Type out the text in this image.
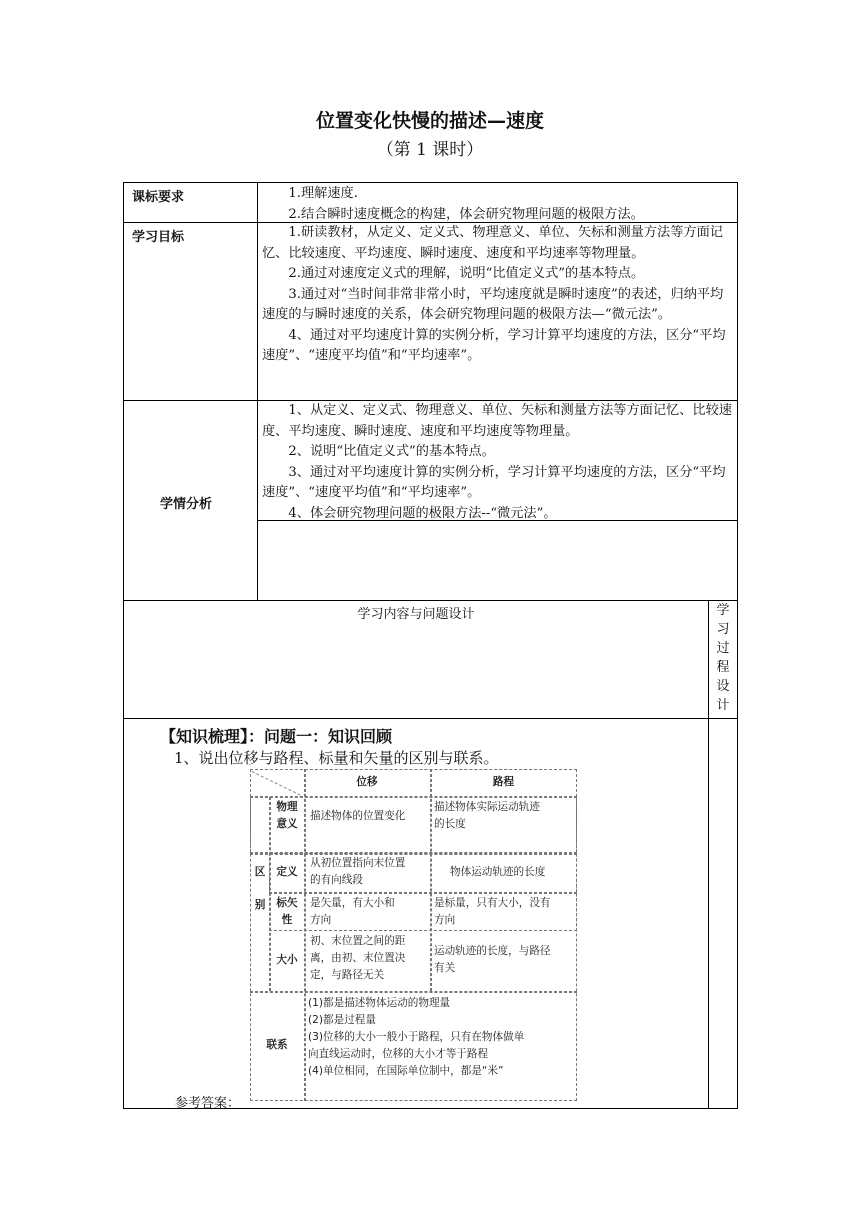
位置变化快慢的描述—速度
（第 1 课时）
课标要求
学习目标
学情分析

1.理解速度.

2.结合瞬时速度概念的构建，体会研究物理问题的极限方法。

1.研读教材，从定义、定义式、物理意义、单位、矢标和测量方法等方面记忆、比较速度、平均速度、瞬时速度、速度和平均速率等物理量。

2.通过对速度定义式的理解，说明“比值定义式”的基本特点。

3.通过对“当时间非常非常小时，平均速度就是瞬时速度”的表述，归纳平均速度的与瞬时速度的关系，体会研究物理问题的极限方法—“微元法”。

4、通过对平均速度计算的实例分析，学习计算平均速度的方法，区分“平均速度”、“速度平均值”和“平均速率”。

1、从定义、定义式、物理意义、单位、矢标和测量方法等方面记忆、比较速度、平均速度、瞬时速度、速度和平均速度等物理量。

2、说明“比值定义式”的基本特点。

3、通过对平均速度计算的实例分析，学习计算平均速度的方法，区分“平均速度”、“速度平均值”和“平均速率”。

4、体会研究物理问题的极限方法--“微元法”。

学习内容与问题设计	学
习
过
程
设
计
【知识梳理】：问题一：知识回顾
1、说出位移与路程、标量和矢量的区别与联系。
位移	路程
区
别
物理
意义
描述物体的位置变化
描述物体实际运动轨迹
的长度
定义
从初位置指向末位置
的有向线段
物体运动轨迹的长度
标矢
性
是矢量，有大小和
方向
是标量，只有大小，没有
方向
大小
初、末位置之间的距
离，由初、末位置决
定，与路径无关
运动轨迹的长度，与路径
有关
联系
(1)都是描述物体运动的物理量
(2)都是过程量
(3)位移的大小一般小于路程，只有在物体做单
向直线运动时，位移的大小才等于路程
(4)单位相同，在国际单位制中，都是“米”
参考答案：
